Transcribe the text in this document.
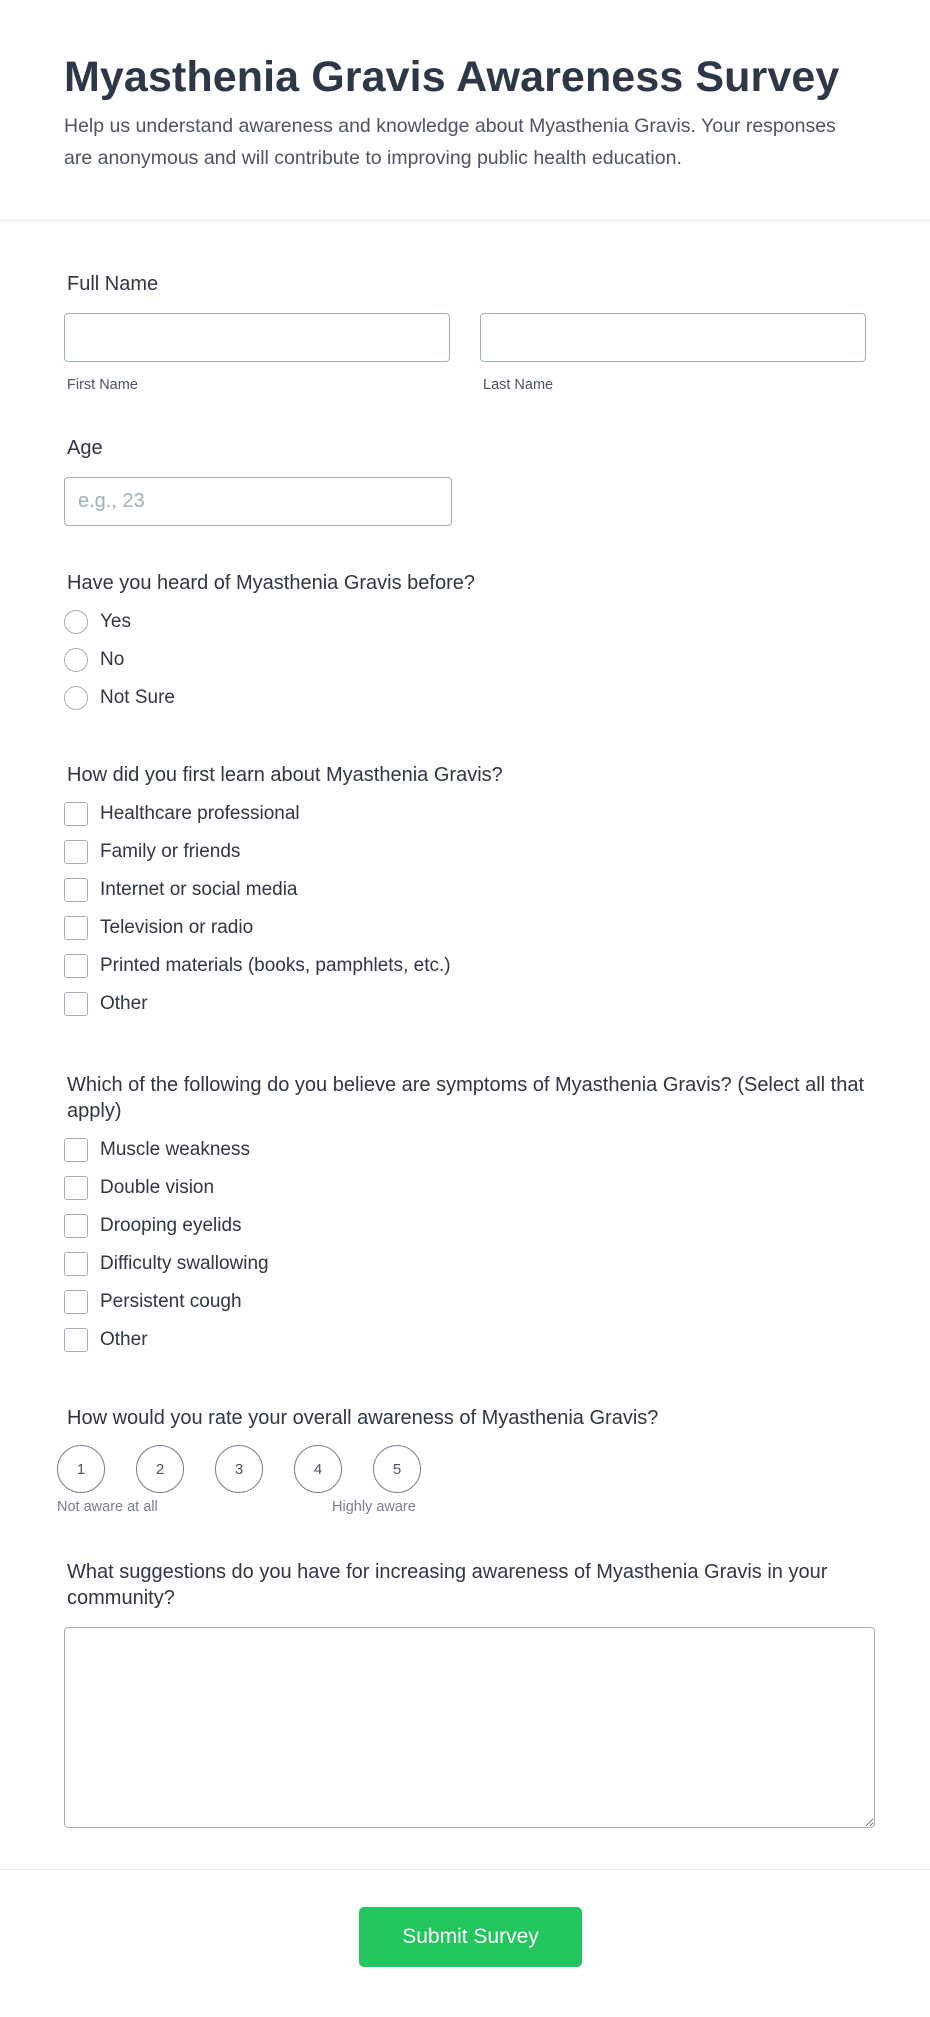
Myasthenia Gravis Awareness Survey

Help us understand awareness and knowledge about Myasthenia Gravis. Your responses are anonymous and will contribute to improving public health education.

Full Name
First Name	Last Name
Age
e.g., 23
Have you heard of Myasthenia Gravis before?
Yes
No
Not Sure
How did you first learn about Myasthenia Gravis?
Healthcare professional
Family or friends
Internet or social media
Television or radio
Printed materials (books, pamphlets, etc.)
Other
Which of the following do you believe are symptoms of Myasthenia Gravis? (Select all that apply)
Muscle weakness
Double vision
Drooping eyelids
Difficulty swallowing
Persistent cough
Other
How would you rate your overall awareness of Myasthenia Gravis?
1	2	3	4	5
Not aware at all	Highly aware
What suggestions do you have for increasing awareness of Myasthenia Gravis in your community?
Submit Survey
